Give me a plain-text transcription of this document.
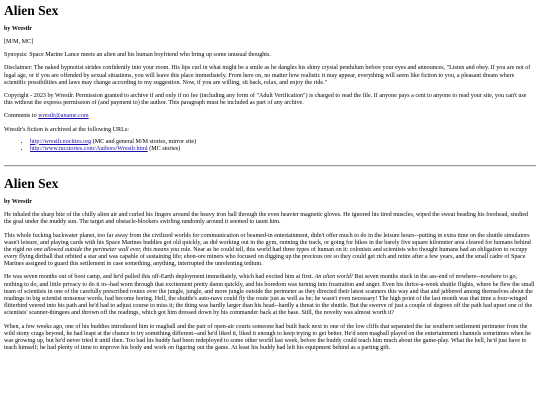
Alien Sex

by Wrestlr

[M/M, MC]

Synopsis: Space Marine Lance meets an alien and his human boyfriend who bring up some unusual thoughts.

Disclaimer: The naked hypnotist strides confidently into your room. His lips curl in what might be a smile as he dangles his shiny crystal pendulum before your eyes and announces, "Listen and obey. If you are not of legal age, or if you are offended by sexual situations, you will leave this place immediately. From here on, no matter how realistic it may appear, everything will seem like fiction to you, a pleasant dream where scientific possibilities and laws may change according to my suggestion. Now, if you are willing, sit back, relax, and enjoy the ride."

Copyright - 2023 by Wrestlr. Permission granted to archive if and only if no fee (including any form of "Adult Verification") is charged to read the file. If anyone pays a cent to anyone to read your site, you can't use this without the express permission of (and payment to) the author. This paragraph must be included as part of any archive.

Comments to wrestlr@aname.com

Wrestlr's fiction is archived at the following URLs:

• http://wrestlr.nocities.org (MC and general M/M stories, mirror site)
• http://www.mcstories.com/Authors/Wrestlr.html (MC stories)
Alien Sex

by Wrestlr

He inhaled the sharp bite of the chilly alien air and curled his fingers around the heavy iron ball through the even heavier magnetic gloves. He ignored his tired muscles, wiped the sweat beading his forehead, studied the goal under the muddy sun. The target and obstacle-blockers swirling randomly around it seemed to taunt him.

This whole fucking backwater planet, too far away from the civilized worlds for communication or beamed-in entertainment, didn't offer much to do in the leisure hours--putting in extra time on the shuttle simulators wasn't leisure, and playing cards with his Space Marines buddies got old quickly, as did working out in the gym, running the track, or going for hikes in the barely five square kilometer area cleared for humans behind the rigid no one allowed outside the perimeter wall ever, this means you rule. Near as he could tell, this world had three types of human on it: colonists and scientists who thought humans had an obligation to occupy every flying dirtball that orbited a star and was capable of sustaining life; ebon-ore miners who focused on digging up the precious ore so they could get rich and retire after a few years, and the small cadre of Space Marines assigned to guard this settlement in case something, anything, interrupted the unrelenting tedium.

He was seven months out of boot camp, and he'd pulled this off-Earth deployment immediately, which had excited him at first. An alien world! But seven months stuck in the ass-end of nowhere--nowhere to go, nothing to do, and little privacy to do it in--had worn through that excitement pretty damn quickly, and his boredom was turning into frustration and anger. Even his thrice-a-week shuttle flights, where he flew the small team of scientists in one of the carefully prescribed routes over the jungle, jungle, and more jungle outside the perimeter as they directed their latest scanners this way and that and jabbered among themselves about the readings in big scientist nonsense words, had become boring. Hell, the shuttle's auto-navs could fly the route just as well as he; he wasn't even necessary! The high point of the last month was that time a four-winged flitterbird veered into his path and he'd had to adjust course to miss it; the thing was hardly larger than his head--hardly a threat to the shuttle. But the swerve of just a couple of degrees off the path had upset one of the scientists' scanner-thingees and thrown off the readings, which got him dressed down by his commander back at the base. Still, the novelty was almost worth it?

When, a few weeks ago, one of his buddies introduced him to magball and the pair of open-air courts someone had built back next to one of the low cliffs that separated the far southern settlement perimeter from the wild stony crags beyond, he had leapt at the chance to try something different--and he'd liked it, liked it enough to keep trying to get better. He'd seen magball played on the entertainment channels sometimes when he was growing up, but he'd never tried it until then. Too bad his buddy had been redeployed to some other world last week, before the buddy could teach him much about the game-play. What the hell, he'd just have to teach himself; he had plenty of time to improve his body and work on figuring out the game. At least his buddy had left his equipment behind as a parting gift.
